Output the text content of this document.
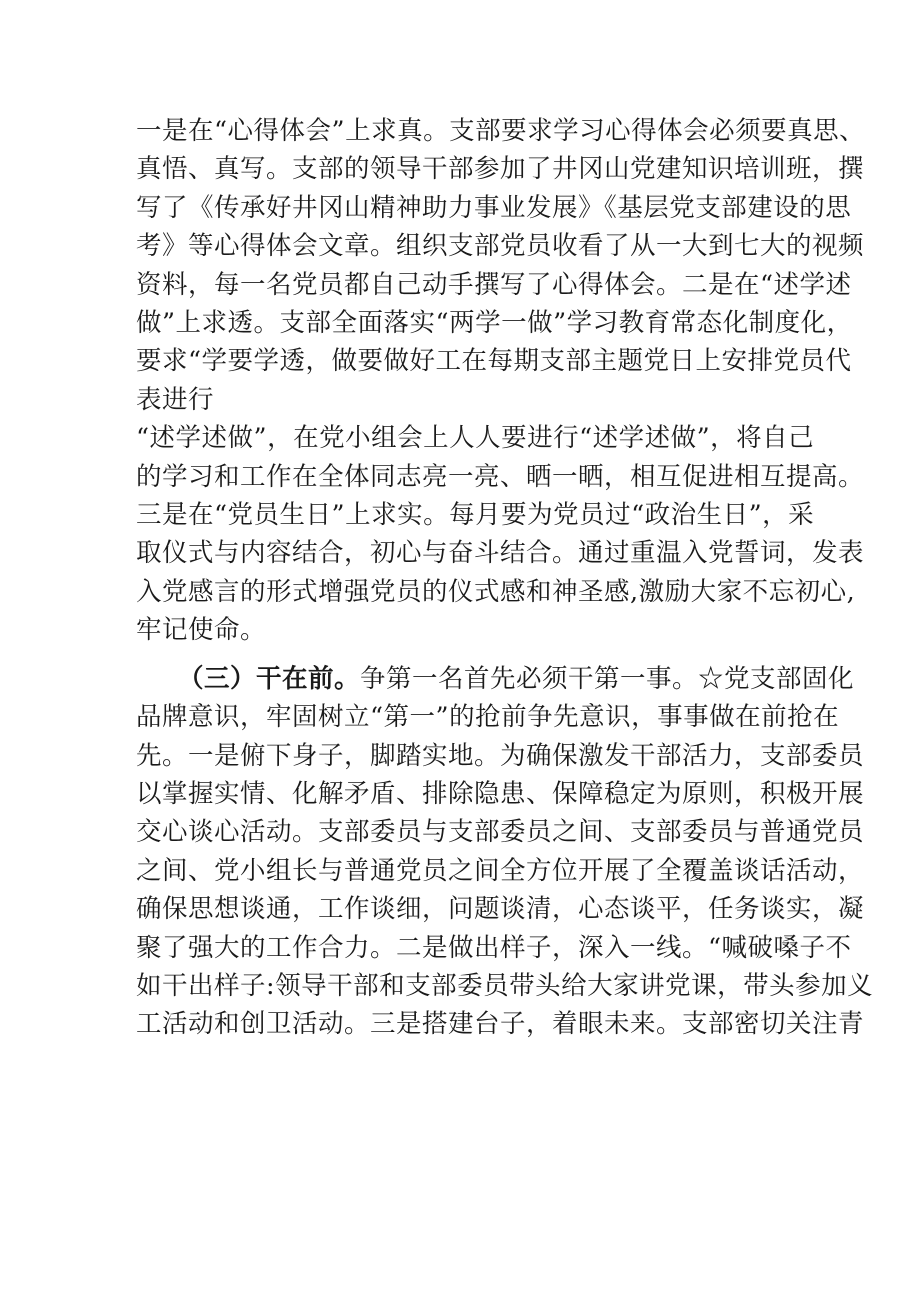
一是在“心得体会”上求真。支部要求学习心得体会必须要真思、

真悟、真写。支部的领导干部参加了井冈山党建知识培训班，撰

写了《传承好井冈山精神助力事业发展》《基层党支部建设的思

考》等心得体会文章。组织支部党员收看了从一大到七大的视频

资料，每一名党员都自己动手撰写了心得体会。二是在“述学述

做”上求透。支部全面落实“两学一做”学习教育常态化制度化，

要求“学要学透，做要做好工在每期支部主题党日上安排党员代

表进行

“述学述做”，在党小组会上人人要进行“述学述做”，将自己

的学习和工作在全体同志亮一亮、晒一晒，相互促进相互提高。

三是在“党员生日”上求实。每月要为党员过“政治生日”，采

取仪式与内容结合，初心与奋斗结合。通过重温入党誓词，发表

入党感言的形式增强党员的仪式感和神圣感,激励大家不忘初心,

牢记使命。

（三）干在前。争第一名首先必须干第一事。☆党支部固化

品牌意识，牢固树立“第一”的抢前争先意识，事事做在前抢在

先。一是俯下身子，脚踏实地。为确保激发干部活力，支部委员

以掌握实情、化解矛盾、排除隐患、保障稳定为原则，积极开展

交心谈心活动。支部委员与支部委员之间、支部委员与普通党员

之间、党小组长与普通党员之间全方位开展了全覆盖谈话活动，

确保思想谈通，工作谈细，问题谈清，心态谈平，任务谈实，凝

聚了强大的工作合力。二是做出样子，深入一线。“喊破嗓子不

如干出样子:领导干部和支部委员带头给大家讲党课，带头参加义

工活动和创卫活动。三是搭建台子，着眼未来。支部密切关注青
